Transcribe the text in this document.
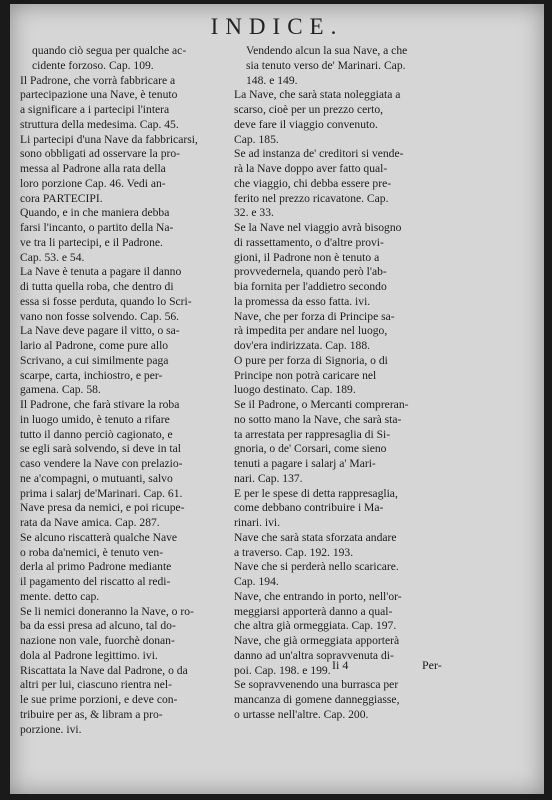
INDICE.

quando ciò segua per qualche ac-
cidente forzoso. Cap. 109.

Il Padrone, che vorrà fabbricare a
partecipazione una Nave, è tenuto
a significare a i partecipi l'intera
struttura della medesima. Cap. 45.

Li partecipi d'una Nave da fabbricarsi,
sono obbligati ad osservare la pro-
messa al Padrone alla rata della
loro porzione Cap. 46. Vedi an-
cora PARTECIPI.

Quando, e in che maniera debba
farsi l'incanto, o partito della Na-
ve tra li partecipi, e il Padrone.
Cap. 53. e 54.

La Nave è tenuta a pagare il danno
di tutta quella roba, che dentro di
essa si fosse perduta, quando lo Scri-
vano non fosse solvendo. Cap. 56.

La Nave deve pagare il vitto, o sa-
lario al Padrone, come pure allo
Scrivano, a cui similmente paga
scarpe, carta, inchiostro, e per-
gamena. Cap. 58.

Il Padrone, che farà stivare la roba
in luogo umido, è tenuto a rifare
tutto il danno perciò cagionato, e
se egli sarà solvendo, si deve in tal
caso vendere la Nave con prelazio-
ne a'compagni, o mutuanti, salvo
prima i salarj de'Marinari. Cap. 61.

Nave presa da nemici, e poi ricupe-
rata da Nave amica. Cap. 287.

Se alcuno riscatterà qualche Nave
o roba da'nemici, è tenuto ven-
derla al primo Padrone mediante
il pagamento del riscatto al redi-
mente. detto cap.

Se li nemici doneranno la Nave, o ro-
ba da essi presa ad alcuno, tal do-
nazione non vale, fuorchè donan-
dola al Padrone legittimo. ivi.

Riscattata la Nave dal Padrone, o da
altri per lui, ciascuno rientra nel-
le sue prime porzioni, e deve con-
tribuire per as, & libram a pro-
porzione. ivi.

Vendendo alcun la sua Nave, a che
sia tenuto verso de' Marinari. Cap.
148. e 149.

La Nave, che sarà stata noleggiata a
scarso, cioè per un prezzo certo,
deve fare il viaggio convenuto.
Cap. 185.

Se ad instanza de' creditori si vende-
rà la Nave doppo aver fatto qual-
che viaggio, chi debba essere pre-
ferito nel prezzo ricavatone. Cap.
32. e 33.

Se la Nave nel viaggio avrà bisogno
di rassettamento, o d'altre provi-
gioni, il Padrone non è tenuto a
provvedernela, quando però l'ab-
bia fornita per l'addietro secondo
la promessa da esso fatta. ivi.

Nave, che per forza di Principe sa-
rà impedita per andare nel luogo,
dov'era indirizzata. Cap. 188.

O pure per forza di Signoria, o di
Principe non potrà caricare nel
luogo destinato. Cap. 189.

Se il Padrone, o Mercanti compreran-
no sotto mano la Nave, che sarà sta-
ta arrestata per rappresaglia di Si-
gnoria, o de' Corsari, come sieno
tenuti a pagare i salarj a' Mari-
nari. Cap. 137.

E per le spese di detta rappresaglia,
come debbano contribuire i Ma-
rinari. ivi.

Nave che sarà stata sforzata andare
a traverso. Cap. 192. 193.

Nave che si perderà nello scaricare.
Cap. 194.

Nave, che entrando in porto, nell'or-
meggiarsi apporterà danno a qual-
che altra già ormeggiata. Cap. 197.

Nave, che già ormeggiata apporterà
danno ad un'altra sopravvenuta di-
poi. Cap. 198. e 199.

Se sopravvenendo una burrasca per
mancanza di gomene danneggiasse,
o urtasse nell'altre. Cap. 200.

Ii 4	Per-
